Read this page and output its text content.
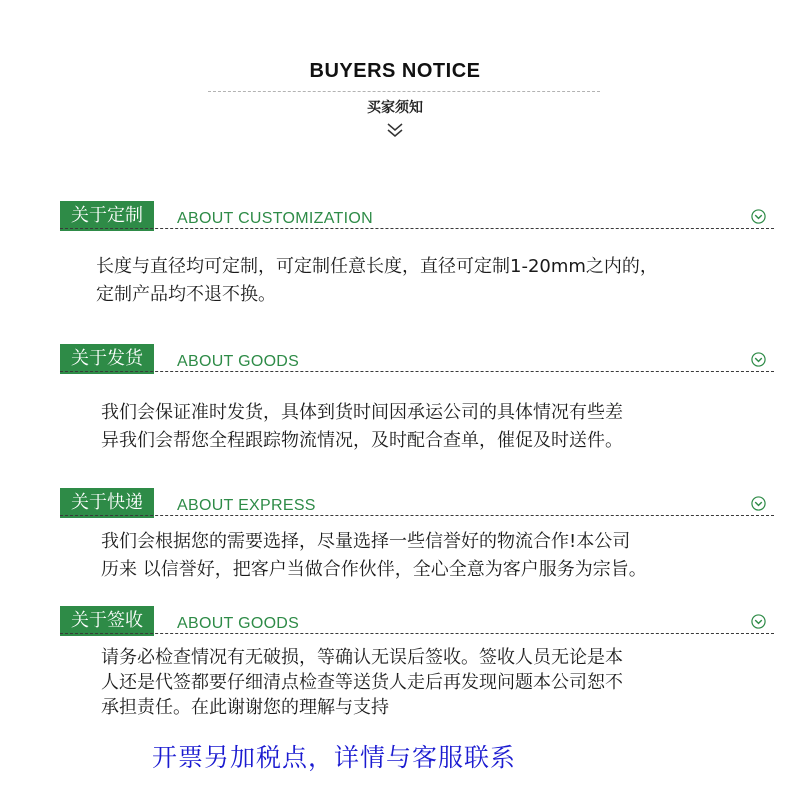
BUYERS NOTICE
买家须知
关于定制	ABOUT CUSTOMIZATION
长度与直径均可定制，可定制任意长度，直径可定制1-20mm之内的，
定制产品均不退不换。
关于发货	ABOUT GOODS
我们会保证准时发货，具体到货时间因承运公司的具体情况有些差
异我们会帮您全程跟踪物流情况，及时配合查单，催促及时送件。
关于快递	ABOUT EXPRESS
我们会根据您的需要选择，尽量选择一些信誉好的物流合作!本公司
历来 以信誉好，把客户当做合作伙伴，全心全意为客户服务为宗旨。
关于签收	ABOUT GOODS
请务必检查情况有无破损，等确认无误后签收。签收人员无论是本
人还是代签都要仔细清点检查等送货人走后再发现问题本公司恕不
承担责任。在此谢谢您的理解与支持
开票另加税点，详情与客服联系
